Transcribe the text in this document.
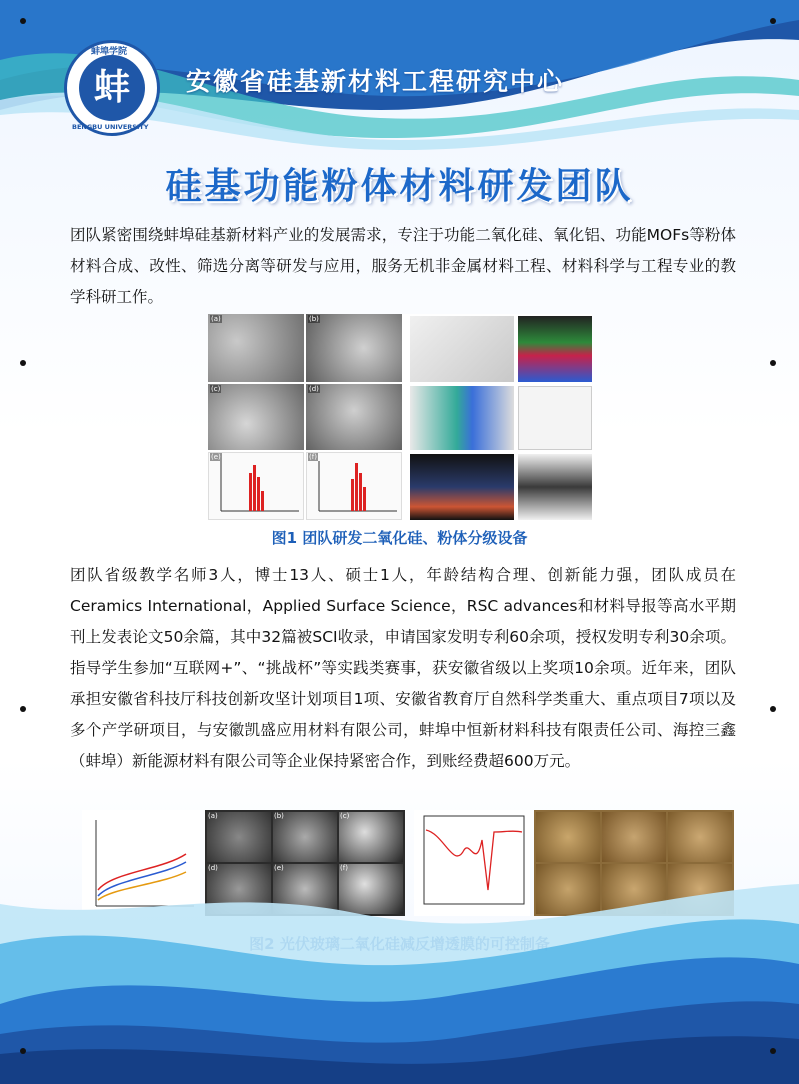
蚌
蚌埠学院
BENGBU UNIVERSITY
安徽省硅基新材料工程研究中心
硅基功能粉体材料研发团队

团队紧密围绕蚌埠硅基新材料产业的发展需求，专注于功能二氧化硅、氧化铝、功能MOFs等粉体材料合成、改性、筛选分离等研发与应用，服务无机非金属材料工程、材料科学与工程专业的教学科研工作。

(a)	(b)
(c)	(d)
(e)	(f)
图1 团队研发二氧化硅、粉体分级设备

团队省级教学名师3人，博士13人、硕士1人，年龄结构合理、创新能力强，团队成员在Ceramics International，Applied Surface Science，RSC advances和材料导报等高水平期刊上发表论文50余篇，其中32篇被SCI收录，申请国家发明专利60余项，授权发明专利30余项。指导学生参加“互联网+”、“挑战杯”等实践类赛事，获安徽省级以上奖项10余项。近年来，团队承担安徽省科技厅科技创新攻坚计划项目1项、安徽省教育厅自然科学类重大、重点项目7项以及多个产学研项目，与安徽凯盛应用材料有限公司，蚌埠中恒新材料科技有限责任公司、海控三鑫（蚌埠）新能源材料有限公司等企业保持紧密合作，到账经费超600万元。

(a)	(b)	(c)
(d)	(e)	(f)
